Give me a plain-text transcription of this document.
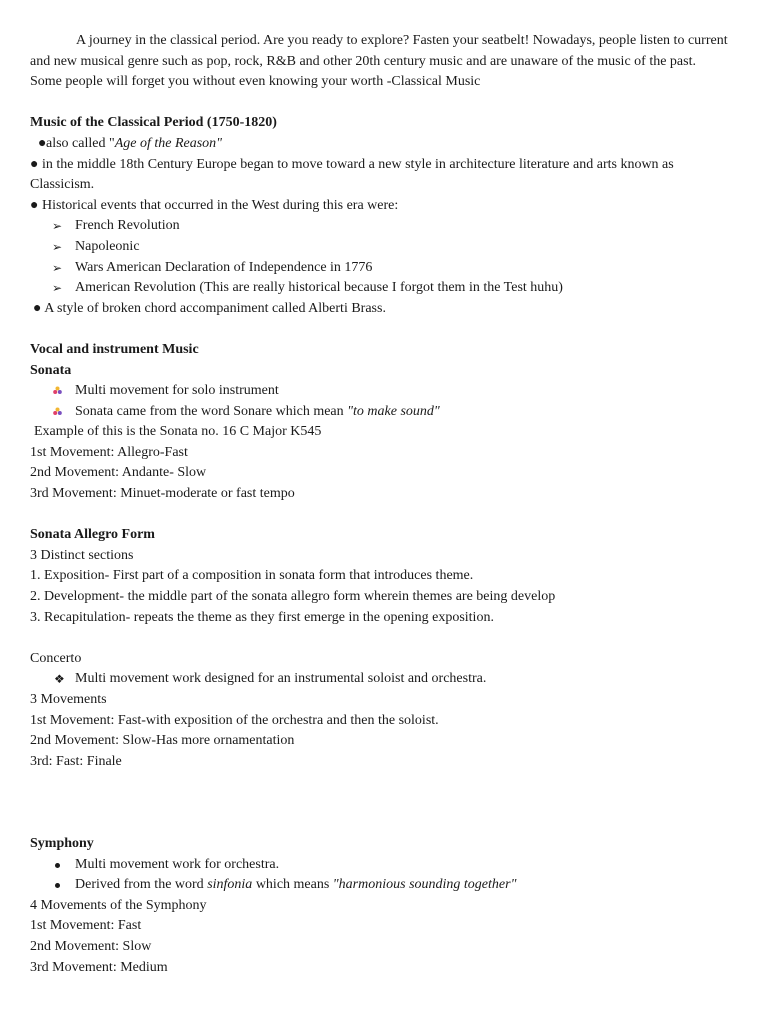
A journey in the classical period. Are you ready to explore? Fasten your seatbelt! Nowadays, people listen to current and new musical genre such as pop, rock, R&B and other 20th century music and are unaware of the music of the past.
Some people will forget you without even knowing your worth -Classical Music
Music of the Classical Period (1750-1820)
● also called "Age of the Reason"
● in the middle 18th Century Europe began to move toward a new style in architecture literature and arts known as Classicism.
● Historical events that occurred in the West during this era were:
➢ French Revolution
➢ Napoleonic
➢ Wars American Declaration of Independence in 1776
➢ American Revolution (This are really historical because I forgot them in the Test huhu)
● A style of broken chord accompaniment called Alberti Brass.
Vocal and instrument Music
Sonata
Multi movement for solo instrument
Sonata came from the word Sonare which mean "to make sound"
Example of this is the Sonata no. 16 C Major K545
1st Movement: Allegro-Fast
2nd Movement: Andante- Slow
3rd Movement: Minuet-moderate or fast tempo
Sonata Allegro Form
3 Distinct sections
1. Exposition- First part of a composition in sonata form that introduces theme.
2. Development- the middle part of the sonata allegro form wherein themes are being develop
3. Recapitulation- repeats the theme as they first emerge in the opening exposition.
Concerto
❖ Multi movement work designed for an instrumental soloist and orchestra.
3 Movements
1st Movement: Fast-with exposition of the orchestra and then the soloist.
2nd Movement: Slow-Has more ornamentation
3rd: Fast: Finale
Symphony
Multi movement work for orchestra.
Derived from the word sinfonia which means "harmonious sounding together"
4 Movements of the Symphony
1st Movement: Fast
2nd Movement: Slow
3rd Movement: Medium
